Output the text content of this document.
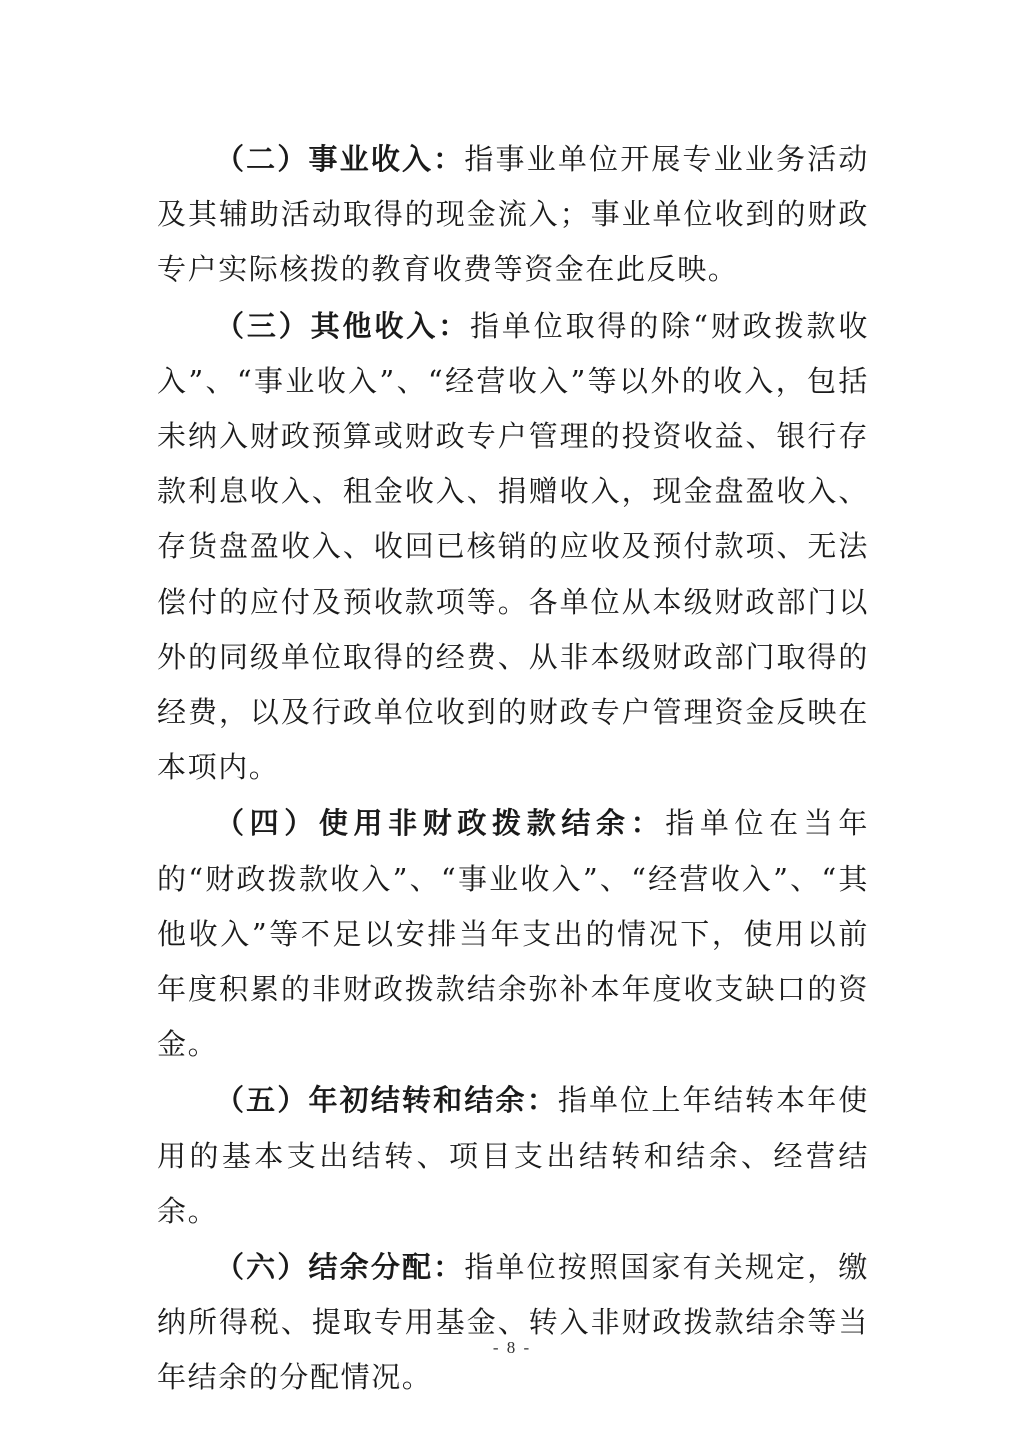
（二）事业收入：指事业单位开展专业业务活动及其辅助活动取得的现金流入；事业单位收到的财政专户实际核拨的教育收费等资金在此反映。

（三）其他收入：指单位取得的除“财政拨款收入”、“事业收入”、“经营收入”等以外的收入，包括未纳入财政预算或财政专户管理的投资收益、银行存款利息收入、租金收入、捐赠收入，现金盘盈收入、存货盘盈收入、收回已核销的应收及预付款项、无法偿付的应付及预收款项等。各单位从本级财政部门以外的同级单位取得的经费、从非本级财政部门取得的经费，以及行政单位收到的财政专户管理资金反映在本项内。

（四）使用非财政拨款结余：指单位在当年的“财政拨款收入”、“事业收入”、“经营收入”、“其他收入”等不足以安排当年支出的情况下，使用以前年度积累的非财政拨款结余弥补本年度收支缺口的资金。

（五）年初结转和结余：指单位上年结转本年使用的基本支出结转、项目支出结转和结余、经营结余。

（六）结余分配：指单位按照国家有关规定，缴纳所得税、提取专用基金、转入非财政拨款结余等当年结余的分配情况。

- 8 -
